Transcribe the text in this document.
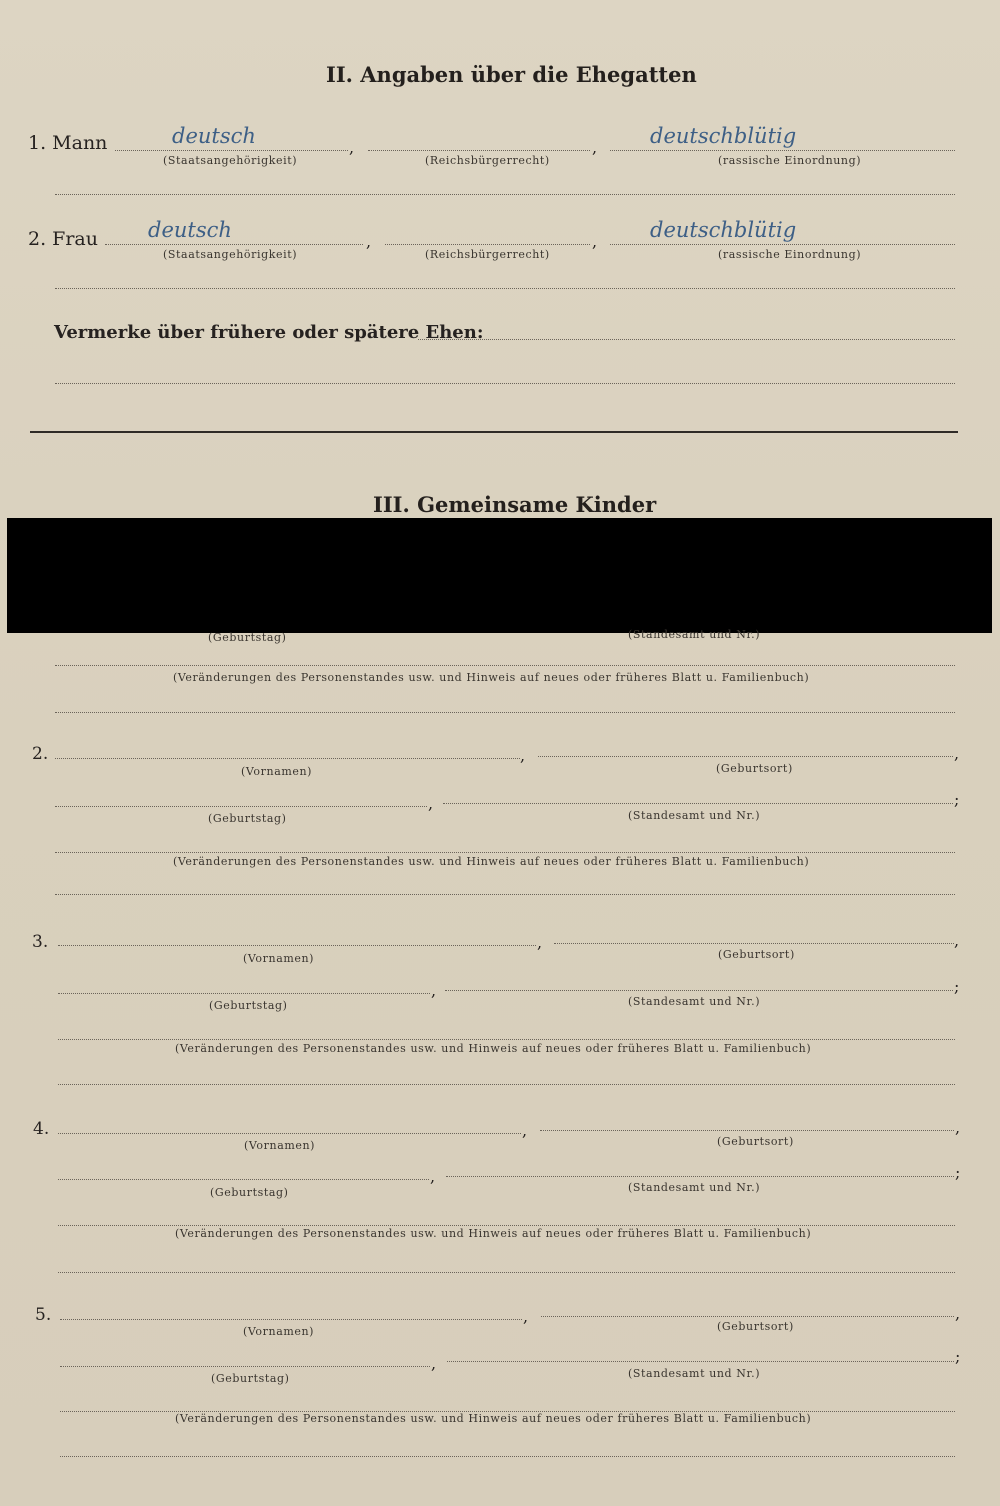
II. Angaben über die Ehegatten
1. Mann	deutsch	,	,	deutschblütig
(Staatsangehörigkeit)	(Reichsbürgerrecht)	(rassische Einordnung)
2. Frau deutsch	,	,	deutschblütig
(Staatsangehörigkeit)	(Reichsbürgerrecht)	(rassische Einordnung)
Vermerke über frühere oder spätere Ehen:
III. Gemeinsame Kinder
(Geburtstag)	(Standesamt und Nr.)
(Veränderungen des Personenstandes usw. und Hinweis auf neues oder früheres Blatt u. Familienbuch)
2.	,	,
(Vornamen)	(Geburtsort)
,	;
(Geburtstag)	(Standesamt und Nr.)
(Veränderungen des Personenstandes usw. und Hinweis auf neues oder früheres Blatt u. Familienbuch)
3.	,	,
(Vornamen)	(Geburtsort)
,	;
(Geburtstag)	(Standesamt und Nr.)
(Veränderungen des Personenstandes usw. und Hinweis auf neues oder früheres Blatt u. Familienbuch)
4.	,	,
(Vornamen)	(Geburtsort)
,	;
(Geburtstag)	(Standesamt und Nr.)
(Veränderungen des Personenstandes usw. und Hinweis auf neues oder früheres Blatt u. Familienbuch)
5.	,	,
(Vornamen)	(Geburtsort)
,	;
(Geburtstag)	(Standesamt und Nr.)
(Veränderungen des Personenstandes usw. und Hinweis auf neues oder früheres Blatt u. Familienbuch)
